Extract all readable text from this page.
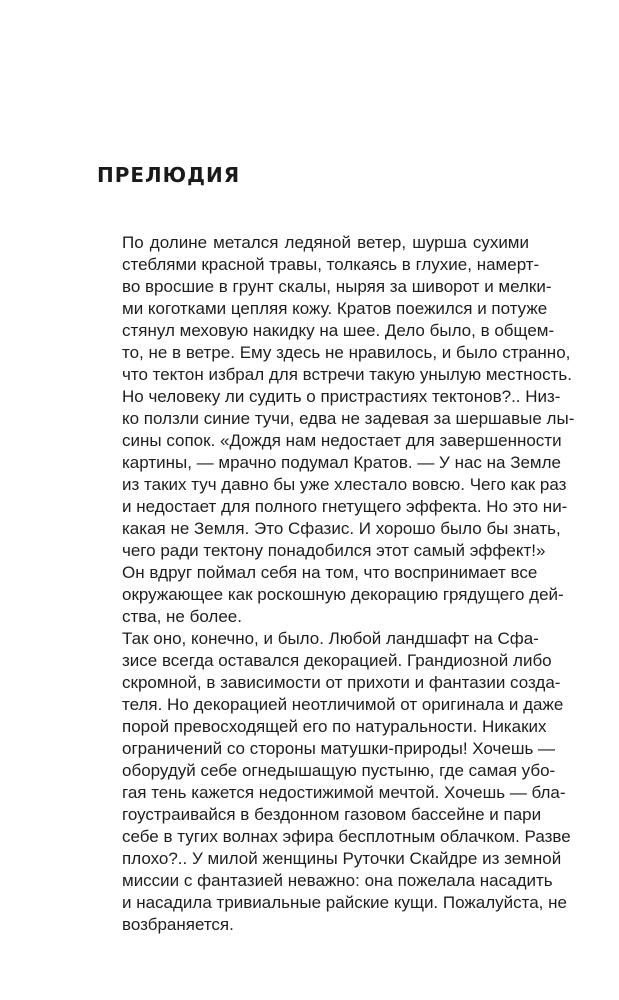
ПРЕЛЮДИЯ

По долине метался ледяной ветер, шурша сухими
стеблями красной травы, толкаясь в глухие, намерт-
во вросшие в грунт скалы, ныряя за шиворот и мелки-
ми коготками цепляя кожу. Кратов поежился и потуже
стянул меховую накидку на шее. Дело было, в общем-
то, не в ветре. Ему здесь не нравилось, и было странно,
что тектон избрал для встречи такую унылую местность.
Но человеку ли судить о пристрастиях тектонов?.. Низ-
ко ползли синие тучи, едва не задевая за шершавые лы-
сины сопок. «Дождя нам недостает для завершенности
картины, — мрачно подумал Кратов. — У нас на Земле
из таких туч давно бы уже хлестало вовсю. Чего как раз
и недостает для полного гнетущего эффекта. Но это ни-
какая не Земля. Это Сфазис. И хорошо было бы знать,
чего ради тектону понадобился этот самый эффект!»

Он вдруг поймал себя на том, что воспринимает все
окружающее как роскошную декорацию грядущего дей-
ства, не более.

Так оно, конечно, и было. Любой ландшафт на Сфа-
зисе всегда оставался декорацией. Грандиозной либо
скромной, в зависимости от прихоти и фантазии созда-
теля. Но декорацией неотличимой от оригинала и даже
порой превосходящей его по натуральности. Никаких
ограничений со стороны матушки-природы! Хочешь —
оборудуй себе огнедышащую пустыню, где самая убо-
гая тень кажется недостижимой мечтой. Хочешь — бла-
гоустраивайся в бездонном газовом бассейне и пари
себе в тугих волнах эфира бесплотным облачком. Разве
плохо?.. У милой женщины Руточки Скайдре из земной
миссии с фантазией неважно: она пожелала насадить
и насадила тривиальные райские кущи. Пожалуйста, не
возбраняется.
